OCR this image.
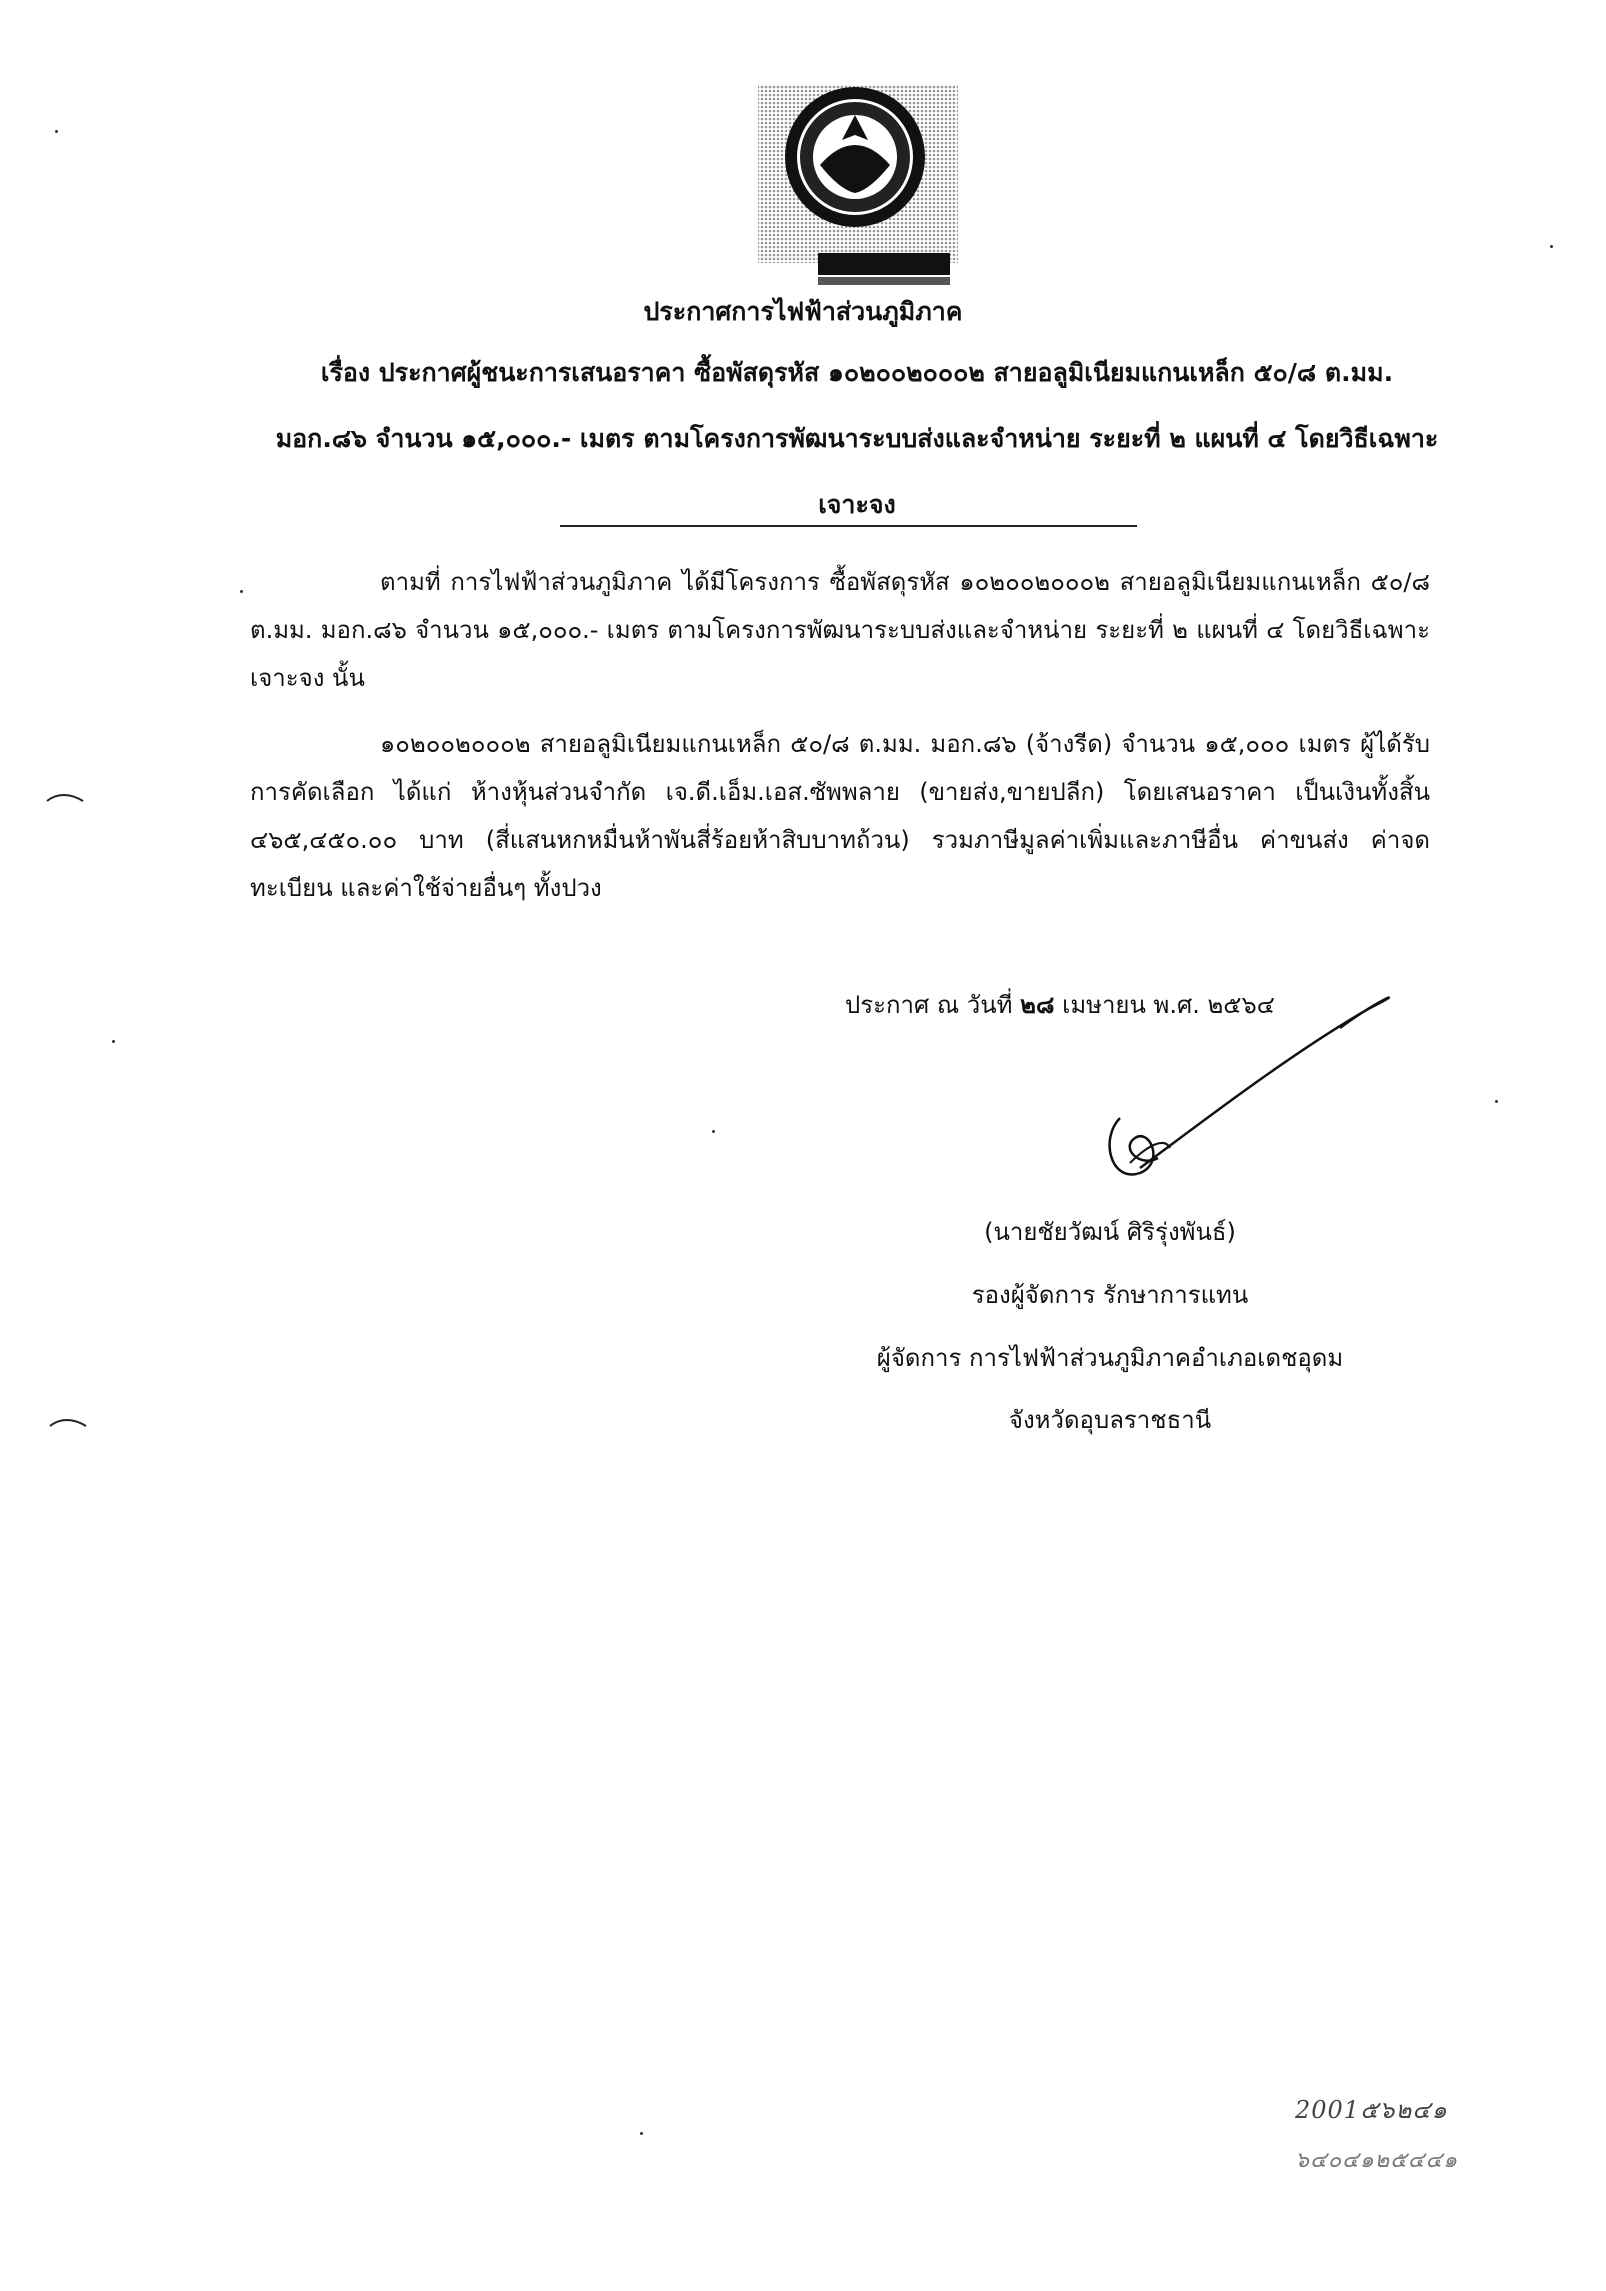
ประกาศการไฟฟ้าส่วนภูมิภาค
เรื่อง ประกาศผู้ชนะการเสนอราคา ซื้อพัสดุรหัส ๑๐๒๐๐๒๐๐๐๒ สายอลูมิเนียมแกนเหล็ก ๕๐/๘ ต.มม.
มอก.๘๖ จำนวน ๑๕,๐๐๐.- เมตร ตามโครงการพัฒนาระบบส่งและจำหน่าย ระยะที่ ๒ แผนที่ ๔ โดยวิธีเฉพาะ
เจาะจง
ตามที่ การไฟฟ้าส่วนภูมิภาค ได้มีโครงการ ซื้อพัสดุรหัส ๑๐๒๐๐๒๐๐๐๒ สายอลูมิเนียมแกนเหล็ก ๕๐/๘ ต.มม. มอก.๘๖ จำนวน ๑๕,๐๐๐.- เมตร ตามโครงการพัฒนาระบบส่งและจำหน่าย ระยะที่ ๒ แผนที่ ๔ โดยวิธีเฉพาะเจาะจง นั้น
๑๐๒๐๐๒๐๐๐๒ สายอลูมิเนียมแกนเหล็ก ๕๐/๘ ต.มม. มอก.๘๖ (จ้างรีด) จำนวน ๑๕,๐๐๐ เมตร ผู้ได้รับการคัดเลือก ได้แก่ ห้างหุ้นส่วนจำกัด เจ.ดี.เอ็ม.เอส.ซัพพลาย (ขายส่ง,ขายปลีก) โดยเสนอราคา เป็นเงินทั้งสิ้น ๔๖๕,๔๕๐.๐๐ บาท (สี่แสนหกหมื่นห้าพันสี่ร้อยห้าสิบบาทถ้วน) รวมภาษีมูลค่าเพิ่มและภาษีอื่น ค่าขนส่ง ค่าจดทะเบียน และค่าใช้จ่ายอื่นๆ ทั้งปวง
ประกาศ ณ วันที่ ๒๘ เมษายน พ.ศ. ๒๕๖๔
(นายชัยวัฒน์ ศิริรุ่งพันธ์)
รองผู้จัดการ รักษาการแทน
ผู้จัดการ การไฟฟ้าส่วนภูมิภาคอำเภอเดชอุดม
จังหวัดอุบลราชธานี
2001๕๖๒๔๑
๖๔๐๔๑๒๕๔๔๑
